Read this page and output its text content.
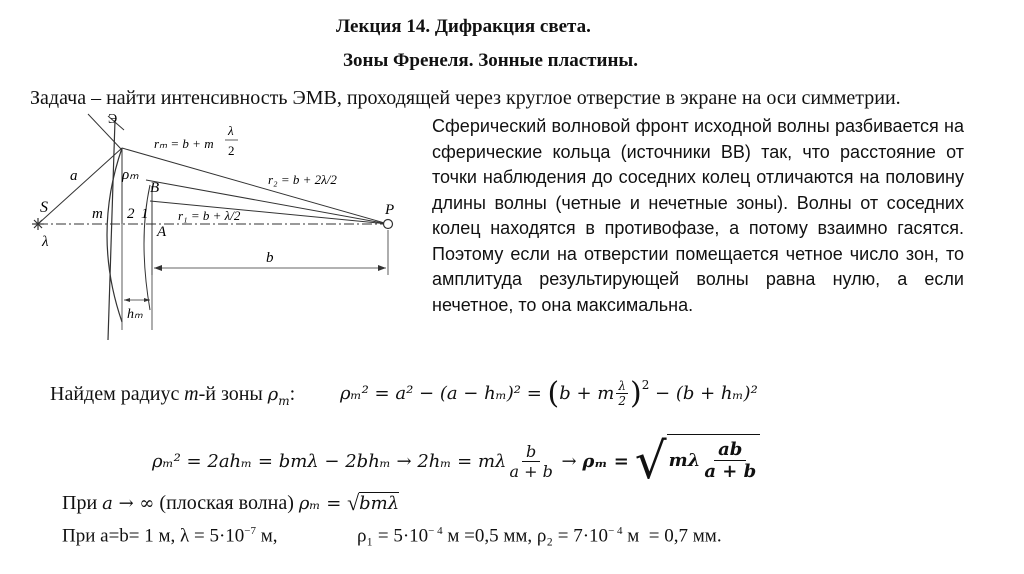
Лекция 14. Дифракция света.
Зоны Френеля. Зонные пластины.
Задача – найти интенсивность ЭМВ, проходящей через круглое отверстие в экране на оси симметрии.
Э
rₘ = b + m
λ
2
a	ρₘ
B
r₂ = b + 2λ/2
S	m 2 1 r₁ = b + λ/2	P
λ
A
b
hₘ
Сферический волновой фронт исходной волны разбивается на сферические кольца (источники ВВ) так, что расстояние от точки наблюдения до соседних колец отличаются на половину длины волны (четные и нечетные зоны). Волны от соседних колец находятся в противофазе, а потому взаимно гасятся. Поэтому если на отверстии помещается четное число зон, то амплитуда результирующей волны равна нулю, а если нечетное, то она максимальна.
Найдем радиус m-й зоны $\rho_m$: ρₘ² = a² − (a − hₘ)² = ( b + m λ
2 )$^2$ − (b + hₘ)²
ρₘ² = 2ahₘ = bmλ − 2bhₘ → 2hₘ = mλ b
a + b → ρₘ = √ mλ $\frac{ab}{a + b}$
При a → ∞ (плоская волна) ρₘ = √ bmλ
При a=b= 1 м, $\lambda = 5\cdot 10^{-7}$ м,	$\rho_1 = 5\cdot 10^{- 4}$ м =0,5 мм, $\rho_2 = 7\cdot 10^{- 4}$ м  = 0,7 мм.
